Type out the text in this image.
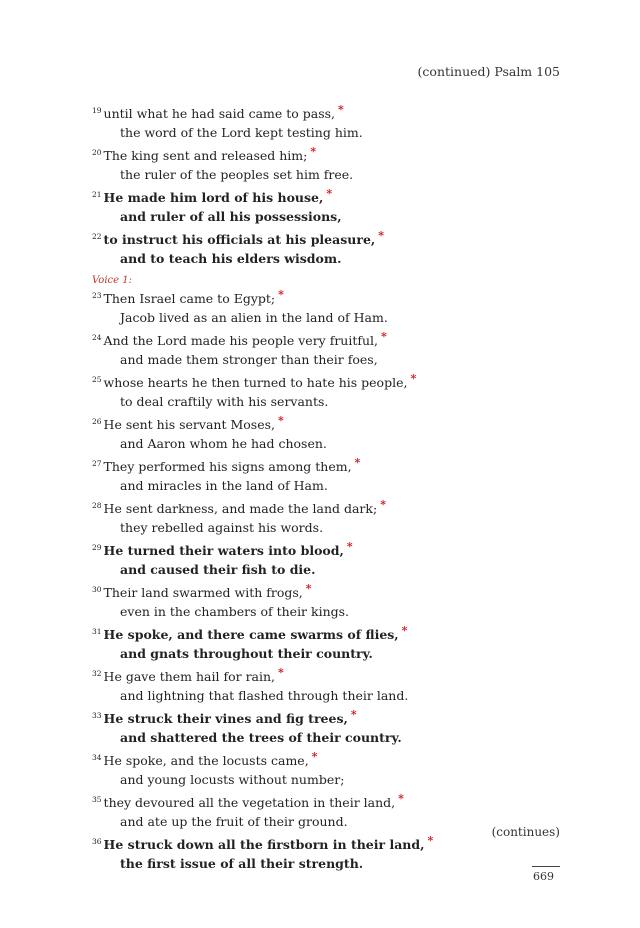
(continued) Psalm 105
$^{19}$ until what he had said came to pass, *
the word of the Lord kept testing him.
$^{20}$ The king sent and released him; *
the ruler of the peoples set him free.
$^{21}$ He made him lord of his house, *
and ruler of all his possessions,
$^{22}$ to instruct his officials at his pleasure, *
and to teach his elders wisdom.
Voice 1:
$^{23}$ Then Israel came to Egypt; *
Jacob lived as an alien in the land of Ham.
$^{24}$ And the Lord made his people very fruitful, *
and made them stronger than their foes,
$^{25}$ whose hearts he then turned to hate his people, *
to deal craftily with his servants.
$^{26}$ He sent his servant Moses, *
and Aaron whom he had chosen.
$^{27}$ They performed his signs among them, *
and miracles in the land of Ham.
$^{28}$ He sent darkness, and made the land dark; *
they rebelled against his words.
$^{29}$ He turned their waters into blood, *
and caused their fish to die.
$^{30}$ Their land swarmed with frogs, *
even in the chambers of their kings.
$^{31}$ He spoke, and there came swarms of flies, *
and gnats throughout their country.
$^{32}$ He gave them hail for rain, *
and lightning that flashed through their land.
$^{33}$ He struck their vines and fig trees, *
and shattered the trees of their country.
$^{34}$ He spoke, and the locusts came, *
and young locusts without number;
$^{35}$ they devoured all the vegetation in their land, *
and ate up the fruit of their ground.
$^{36}$ He struck down all the firstborn in their land, *
the first issue of all their strength.
(continues)
669
